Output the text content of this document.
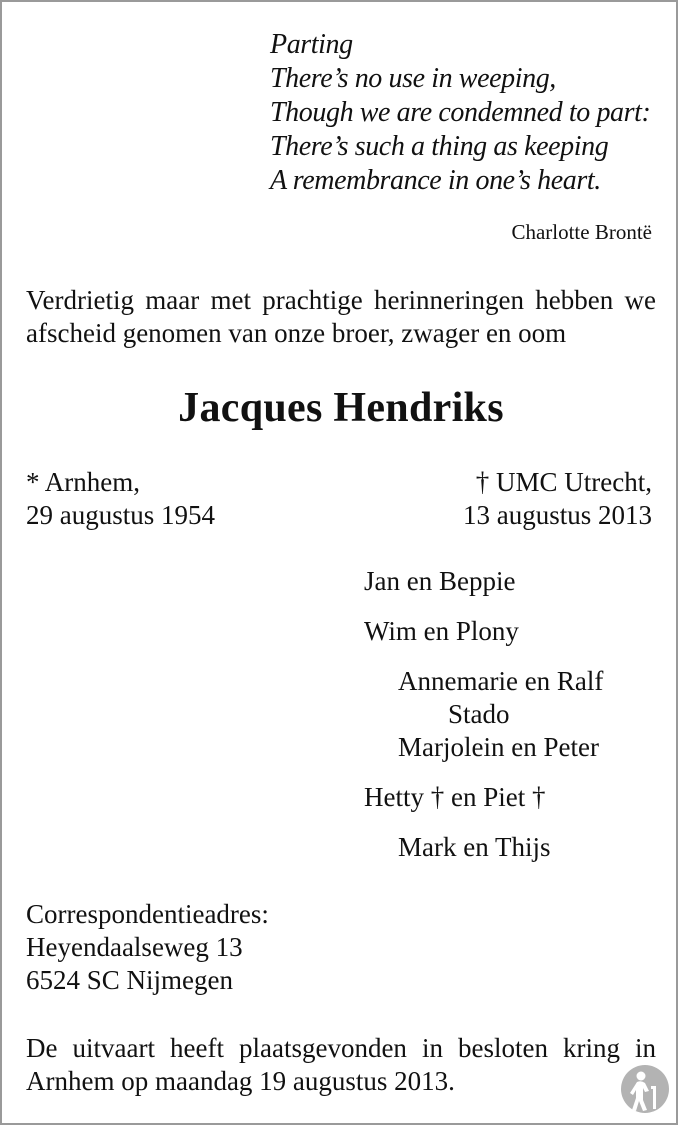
Parting
There’s no use in weeping,
Though we are condemned to part:
There’s such a thing as keeping
A remembrance in one’s heart.
Charlotte Brontë
Verdrietig maar met prachtige herinneringen hebben we afscheid genomen van onze broer, zwager en oom
Jacques Hendriks
* Arnhem,
29 augustus 1954
† UMC Utrecht,
13 augustus 2013
Jan en Beppie
Wim en Plony
Annemarie en Ralf
Stado
Marjolein en Peter
Hetty † en Piet †
Mark en Thijs
Correspondentieadres:
Heyendaalseweg 13
6524 SC Nijmegen
De uitvaart heeft plaatsgevonden in besloten kring in Arnhem op maandag 19 augustus 2013.
